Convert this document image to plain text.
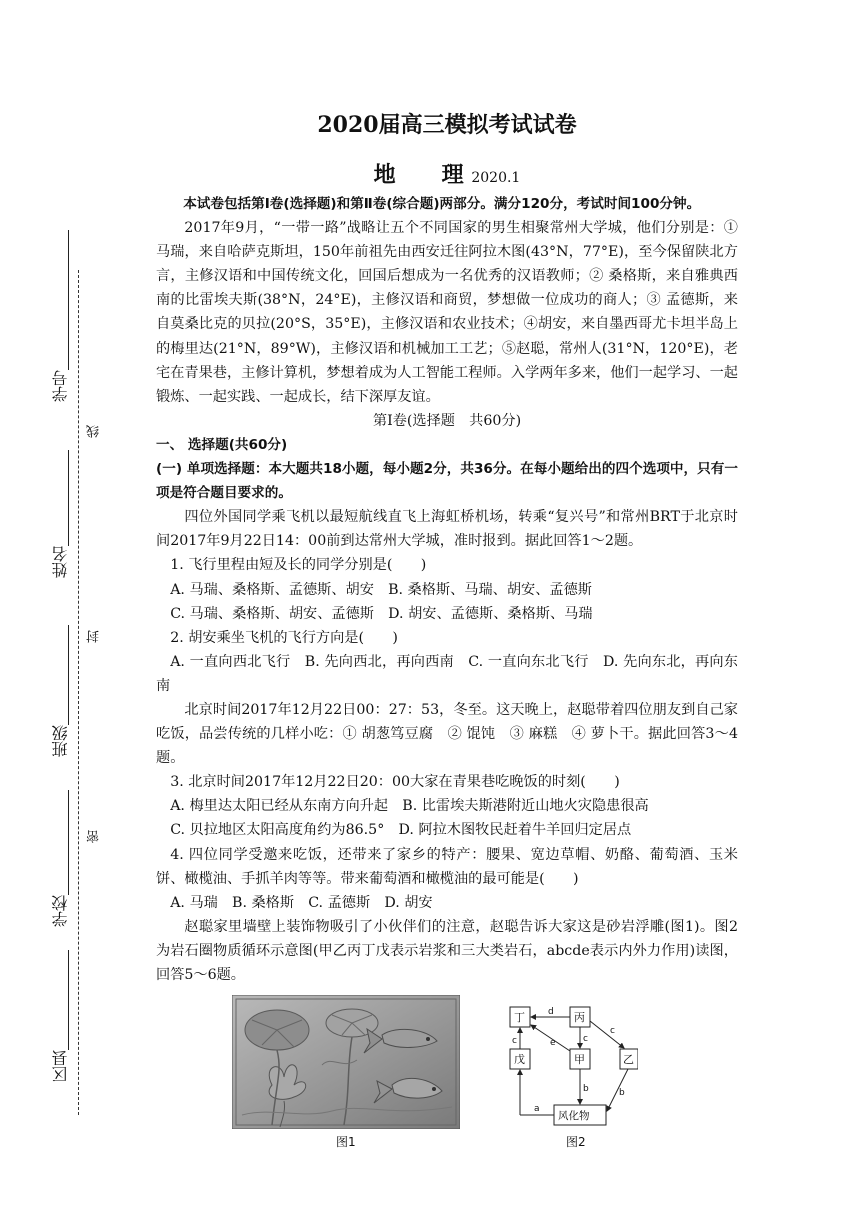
学号
姓名
班级
学校
区县
线
封
密
2020届高三模拟考试试卷
地 理 2020.1

本试卷包括第Ⅰ卷(选择题)和第Ⅱ卷(综合题)两部分。满分120分，考试时间100分钟。

2017年9月，“一带一路”战略让五个不同国家的男生相聚常州大学城，他们分别是：① 马瑞，来自哈萨克斯坦，150年前祖先由西安迁往阿拉木图(43°N，77°E)，至今保留陕北方言，主修汉语和中国传统文化，回国后想成为一名优秀的汉语教师；② 桑格斯，来自雅典西南的比雷埃夫斯(38°N，24°E)，主修汉语和商贸，梦想做一位成功的商人；③ 孟德斯，来自莫桑比克的贝拉(20°S，35°E)，主修汉语和农业技术；④胡安，来自墨西哥尤卡坦半岛上的梅里达(21°N，89°W)，主修汉语和机械加工工艺；⑤赵聪，常州人(31°N，120°E)，老宅在青果巷，主修计算机，梦想着成为人工智能工程师。入学两年多来，他们一起学习、一起锻炼、一起实践、一起成长，结下深厚友谊。

第Ⅰ卷(选择题　共60分)

一、 选择题(共60分)

(一) 单项选择题：本大题共18小题，每小题2分，共36分。在每小题给出的四个选项中，只有一项是符合题目要求的。

四位外国同学乘飞机以最短航线直飞上海虹桥机场，转乘“复兴号”和常州BRT于北京时间2017年9月22日14：00前到达常州大学城，准时报到。据此回答1～2题。

1. 飞行里程由短及长的同学分别是(　　)

A. 马瑞、桑格斯、孟德斯、胡安　B. 桑格斯、马瑞、胡安、孟德斯

C. 马瑞、桑格斯、胡安、孟德斯　D. 胡安、孟德斯、桑格斯、马瑞

2. 胡安乘坐飞机的飞行方向是(　　)

A. 一直向西北飞行　B. 先向西北，再向西南　C. 一直向东北飞行　D. 先向东北，再向东南

北京时间2017年12月22日00：27：53，冬至。这天晚上，赵聪带着四位朋友到自己家吃饭，品尝传统的几样小吃：① 胡葱笃豆腐　② 馄饨　③ 麻糕　④ 萝卜干。据此回答3～4题。

3. 北京时间2017年12月22日20：00大家在青果巷吃晚饭的时刻(　　)

A. 梅里达太阳已经从东南方向升起　B. 比雷埃夫斯港附近山地火灾隐患很高

C. 贝拉地区太阳高度角约为86.5°　D. 阿拉木图牧民赶着牛羊回归定居点

4. 四位同学受邀来吃饭，还带来了家乡的特产：腰果、宽边草帽、奶酪、葡萄酒、玉米饼、橄榄油、手抓羊肉等等。带来葡萄酒和橄榄油的最可能是(　　)

A. 马瑞　B. 桑格斯　C. 孟德斯　D. 胡安

赵聪家里墙壁上装饰物吸引了小伙伴们的注意，赵聪告诉大家这是砂岩浮雕(图1)。图2为岩石圈物质循环示意图(甲乙丙丁戊表示岩浆和三大类岩石，abcde表示内外力作用)读图，回答5～6题。

图1
丁	丙
戊	甲	乙
风化物
d
c
e
c
c
b	b
a
图2
